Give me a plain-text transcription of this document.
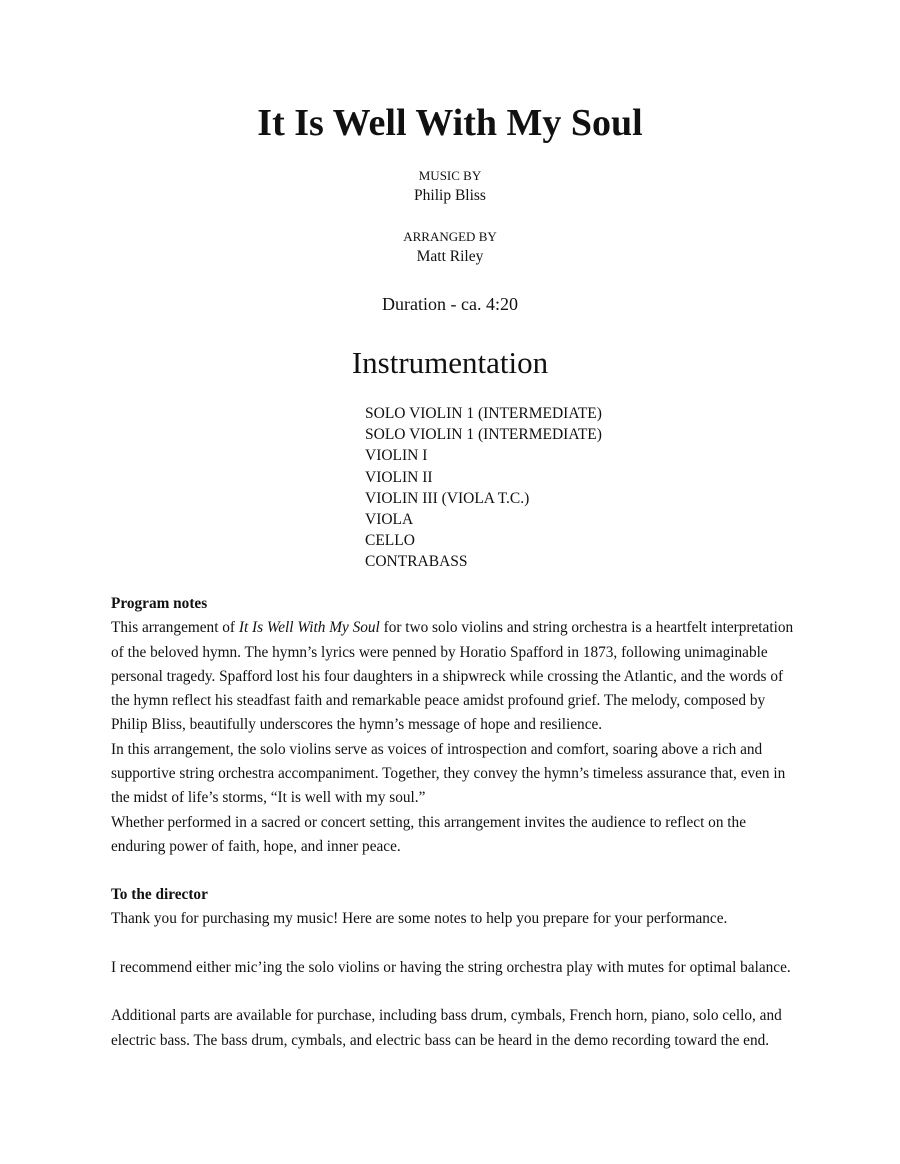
It Is Well With My Soul
MUSIC BY
Philip Bliss
ARRANGED BY
Matt Riley
Duration - ca. 4:20
Instrumentation
SOLO VIOLIN 1 (INTERMEDIATE)
SOLO VIOLIN 1 (INTERMEDIATE)
VIOLIN I
VIOLIN II
VIOLIN III (VIOLA T.C.)
VIOLA
CELLO
CONTRABASS
Program notes

This arrangement of It Is Well With My Soul for two solo violins and string orchestra is a heartfelt interpretation of the beloved hymn. The hymn’s lyrics were penned by Horatio Spafford in 1873, following unimaginable personal tragedy. Spafford lost his four daughters in a shipwreck while crossing the Atlantic, and the words of the hymn reflect his steadfast faith and remarkable peace amidst profound grief. The melody, composed by Philip Bliss, beautifully underscores the hymn’s message of hope and resilience.

In this arrangement, the solo violins serve as voices of introspection and comfort, soaring above a rich and supportive string orchestra accompaniment. Together, they convey the hymn’s timeless assurance that, even in the midst of life’s storms, “It is well with my soul.”

Whether performed in a sacred or concert setting, this arrangement invites the audience to reflect on the enduring power of faith, hope, and inner peace.

To the director

Thank you for purchasing my music! Here are some notes to help you prepare for your performance.

I recommend either mic’ing the solo violins or having the string orchestra play with mutes for optimal balance.

Additional parts are available for purchase, including bass drum, cymbals, French horn, piano, solo cello, and electric bass. The bass drum, cymbals, and electric bass can be heard in the demo recording toward the end.
